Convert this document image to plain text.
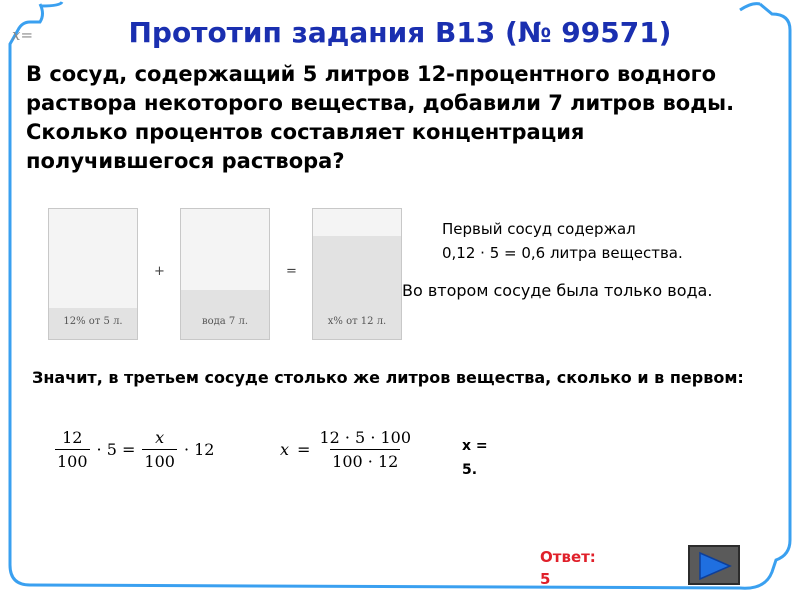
x=	Прототип задания B13 (№ 99571)
В сосуд, содержащий 5 литров 12-процентного водного раствора некоторого вещества, добавили 7 литров воды. Сколько процентов составляет концентрация получившегося раствора?
12% от 5 л.
+
вода 7 л.
=
x% от 12 л.
Первый сосуд содержал
0,12 · 5 = 0,6 литра вещества.
Во втором сосуде была только вода.
Значит, в третьем сосуде столько же литров вещества, сколько и в первом:
$\frac{12}{100} \cdot 5 = \frac{x}{100} \cdot 12$	$x = \frac{12 \cdot 5 \cdot 100}{100 \cdot 12}$	x =
5.
Ответ:
5
